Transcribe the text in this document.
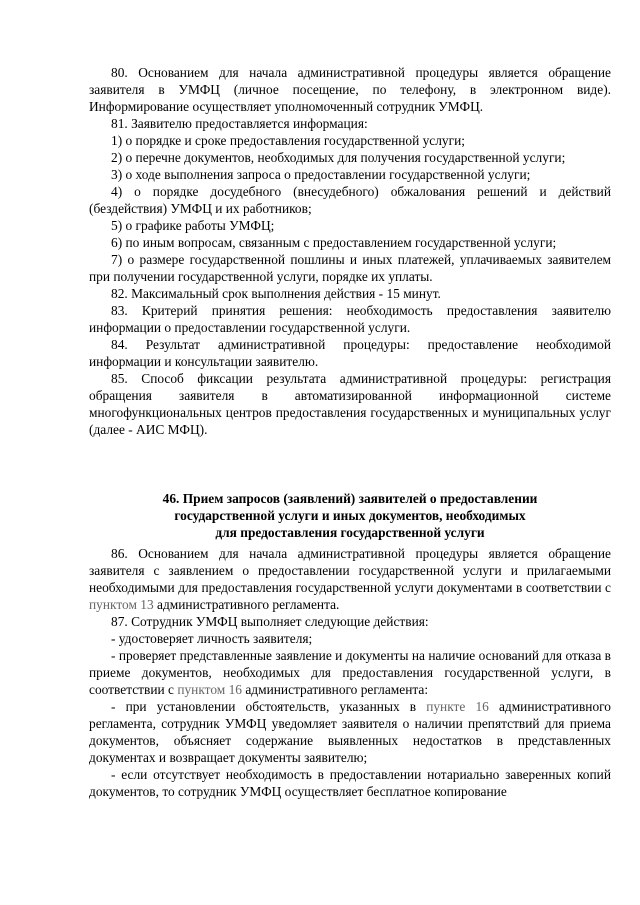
80. Основанием для начала административной процедуры является обращение заявителя в УМФЦ (личное посещение, по телефону, в электронном виде). Информирование осуществляет уполномоченный сотрудник УМФЦ.

81. Заявителю предоставляется информация:

1) о порядке и сроке предоставления государственной услуги;

2) о перечне документов, необходимых для получения государственной услуги;

3) о ходе выполнения запроса о предоставлении государственной услуги;

4) о порядке досудебного (внесудебного) обжалования решений и действий (бездействия) УМФЦ и их работников;

5) о графике работы УМФЦ;

6) по иным вопросам, связанным с предоставлением государственной услуги;

7) о размере государственной пошлины и иных платежей, уплачиваемых заявителем при получении государственной услуги, порядке их уплаты.

82. Максимальный срок выполнения действия - 15 минут.

83. Критерий принятия решения: необходимость предоставления заявителю информации о предоставлении государственной услуги.

84. Результат административной процедуры: предоставление необходимой информации и консультации заявителю.

85. Способ фиксации результата административной процедуры: регистрация обращения заявителя в автоматизированной информационной системе многофункциональных центров предоставления государственных и муниципальных услуг (далее - АИС МФЦ).

46. Прием запросов (заявлений) заявителей о предоставлении
государственной услуги и иных документов, необходимых
для предоставления государственной услуги

86. Основанием для начала административной процедуры является обращение заявителя с заявлением о предоставлении государственной услуги и прилагаемыми необходимыми для предоставления государственной услуги документами в соответствии с пунктом 13 административного регламента.

87. Сотрудник УМФЦ выполняет следующие действия:

- удостоверяет личность заявителя;

- проверяет представленные заявление и документы на наличие оснований для отказа в приеме документов, необходимых для предоставления государственной услуги, в соответствии с пунктом 16 административного регламента:

- при установлении обстоятельств, указанных в пункте 16 административного регламента, сотрудник УМФЦ уведомляет заявителя о наличии препятствий для приема документов, объясняет содержание выявленных недостатков в представленных документах и возвращает документы заявителю;

- если отсутствует необходимость в предоставлении нотариально заверенных копий документов, то сотрудник УМФЦ осуществляет бесплатное копирование
